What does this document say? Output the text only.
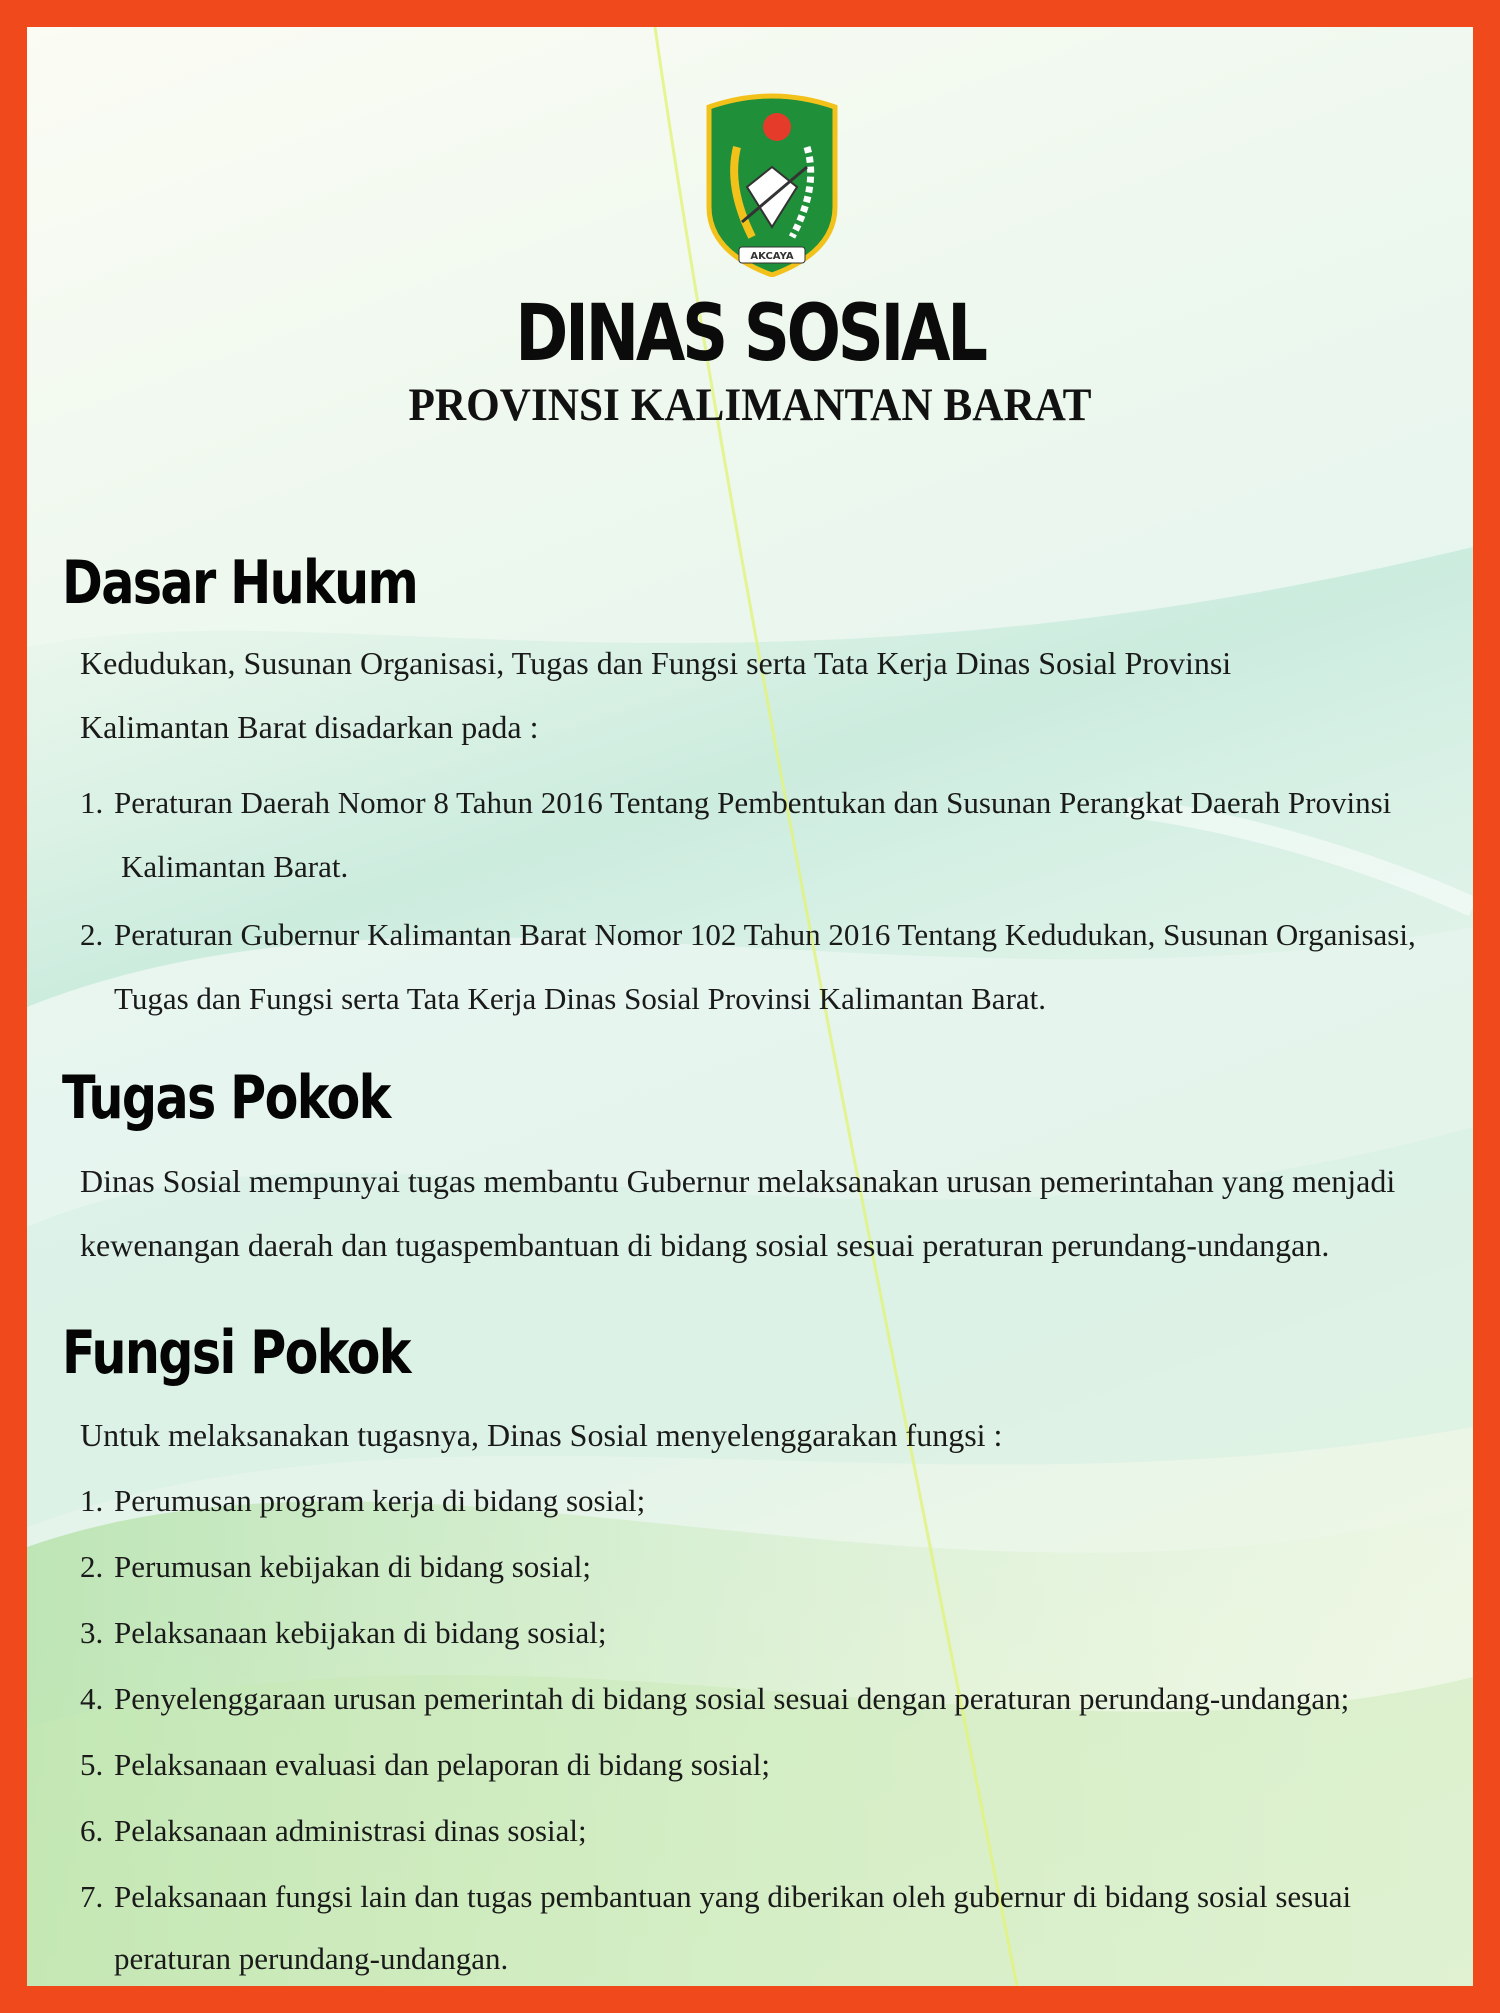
AKCAYA
DINAS SOSIAL
PROVINSI KALIMANTAN BARAT
Dasar Hukum

Kedudukan, Susunan Organisasi, Tugas dan Fungsi serta Tata Kerja Dinas Sosial Provinsi

Kalimantan Barat disadarkan pada :

1. Peraturan Daerah Nomor 8 Tahun 2016 Tentang Pembentukan dan Susunan Perangkat Daerah Provinsi

Kalimantan Barat.

2. Peraturan Gubernur Kalimantan Barat Nomor 102 Tahun 2016 Tentang Kedudukan, Susunan Organisasi,

Tugas dan Fungsi serta Tata Kerja Dinas Sosial Provinsi Kalimantan Barat.

Tugas Pokok

Dinas Sosial mempunyai tugas membantu Gubernur melaksanakan urusan pemerintahan yang menjadi

kewenangan daerah dan tugaspembantuan di bidang sosial sesuai peraturan perundang-undangan.

Fungsi Pokok

Untuk melaksanakan tugasnya, Dinas Sosial menyelenggarakan fungsi :

1. Perumusan program kerja di bidang sosial;

2. Perumusan kebijakan di bidang sosial;

3. Pelaksanaan kebijakan di bidang sosial;

4. Penyelenggaraan urusan pemerintah di bidang sosial sesuai dengan peraturan perundang-undangan;

5. Pelaksanaan evaluasi dan pelaporan di bidang sosial;

6. Pelaksanaan administrasi dinas sosial;

7. Pelaksanaan fungsi lain dan tugas pembantuan yang diberikan oleh gubernur di bidang sosial sesuai

peraturan perundang-undangan.
